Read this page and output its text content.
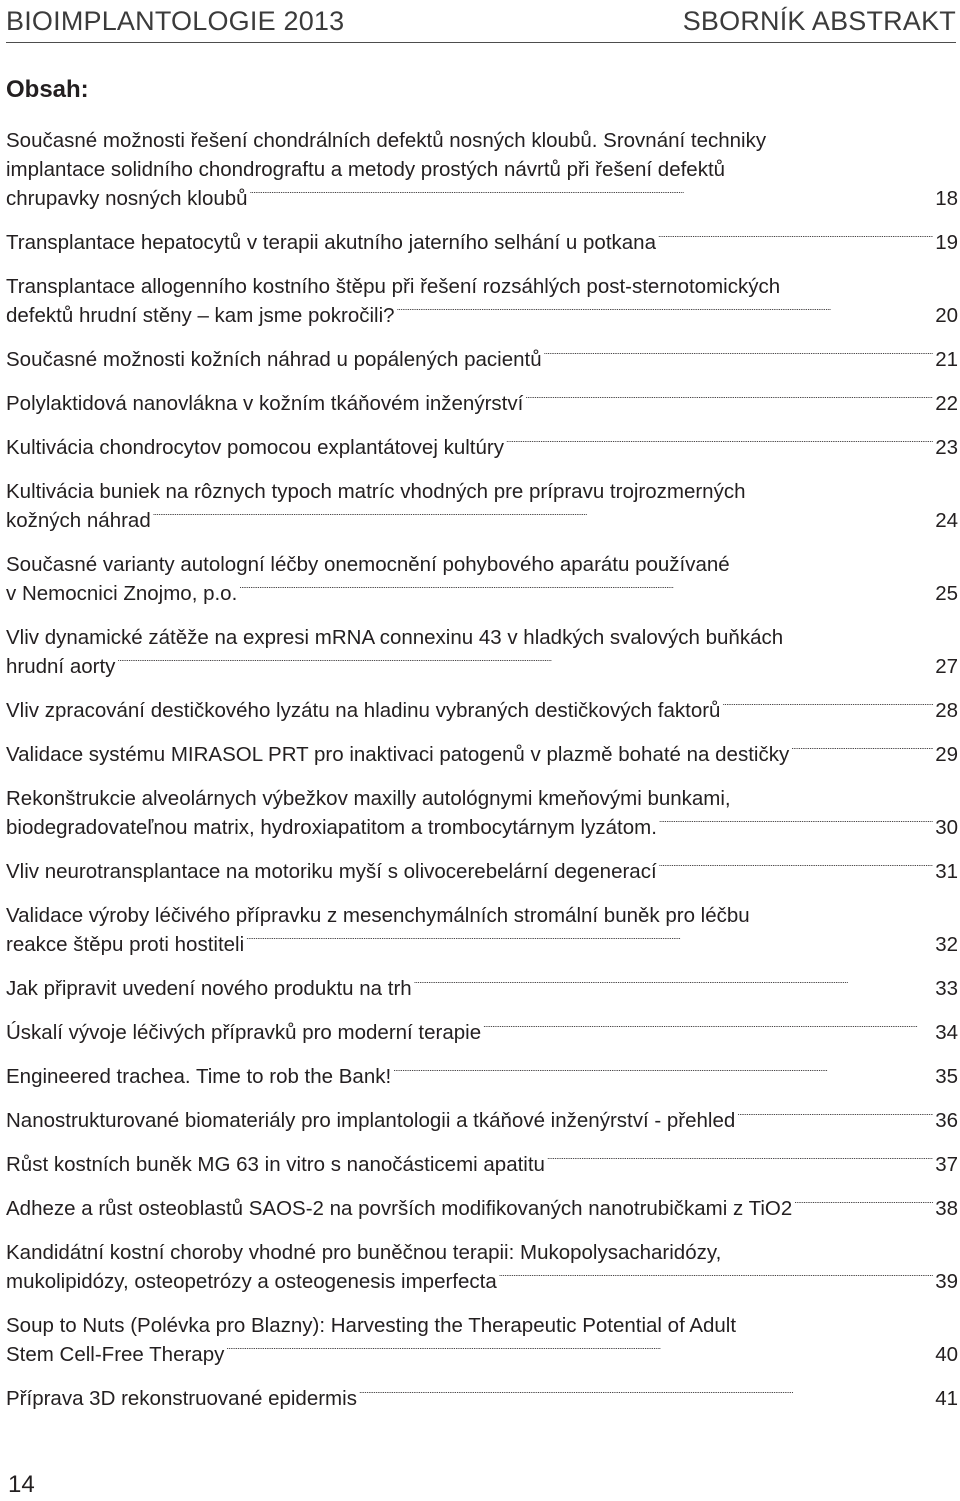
BIOIMPLANTOLOGIE 2013	SBORNÍK ABSTRAKT
Obsah:
Současné možnosti řešení chondrálních defektů nosných kloubů. Srovnání techniky
implantace solidního chondrograftu a metody prostých návrtů při řešení defektů
chrupavky nosných kloubů . . .	18
Transplantace hepatocytů v terapii akutního jaterního selhání u potkana . . .	19
Transplantace allogenního kostního štěpu při řešení rozsáhlých post-sternotomických
defektů hrudní stěny – kam jsme pokročili? . . .	20
Současné možnosti kožních náhrad u popálených pacientů . . .	21
Polylaktidová nanovlákna v kožním tkáňovém inženýrství . . .	22
Kultivácia chondrocytov pomocou explantátovej kultúry . . .	23
Kultivácia buniek na rôznych typoch matríc vhodných pre prípravu trojrozmerných
kožných náhrad . . .	24
Současné varianty autologní léčby onemocnění pohybového aparátu používané
v Nemocnici Znojmo, p.o. . . .	25
Vliv dynamické zátěže na expresi mRNA connexinu 43 v hladkých svalových buňkách
hrudní aorty . . .	27
Vliv zpracování destičkového lyzátu na hladinu vybraných destičkových faktorů . . .	28
Validace systému MIRASOL PRT pro inaktivaci patogenů v plazmě bohaté na destičky . . .	29
Rekonštrukcie alveolárnych výbežkov maxilly autológnymi kmeňovými bunkami,
biodegradovateľnou matrix, hydroxiapatitom a trombocytárnym lyzátom. . . .	30
Vliv neurotransplantace na motoriku myší s olivocerebelární degenerací . . .	31
Validace výroby léčivého přípravku z mesenchymálních stromální buněk pro léčbu
reakce štěpu proti hostiteli . . .	32
Jak připravit uvedení nového produktu na trh . . .	33
Úskalí vývoje léčivých přípravků pro moderní terapie . . .	34
Engineered trachea. Time to rob the Bank! . . .	35
Nanostrukturované biomateriály pro implantologii a tkáňové inženýrství - přehled . . .	36
Růst kostních buněk MG 63 in vitro s nanočásticemi apatitu . . .	37
Adheze a růst osteoblastů SAOS-2 na površích modifikovaných nanotrubičkami z TiO2 . . .	38
Kandidátní kostní choroby vhodné pro buněčnou terapii: Mukopolysacharidózy,
mukolipidózy, osteopetrózy a osteogenesis imperfecta . . .	39
Soup to Nuts (Polévka pro Blazny): Harvesting the Therapeutic Potential of Adult
Stem Cell-Free Therapy . . .	40
Příprava 3D rekonstruované epidermis . . .	41
14
